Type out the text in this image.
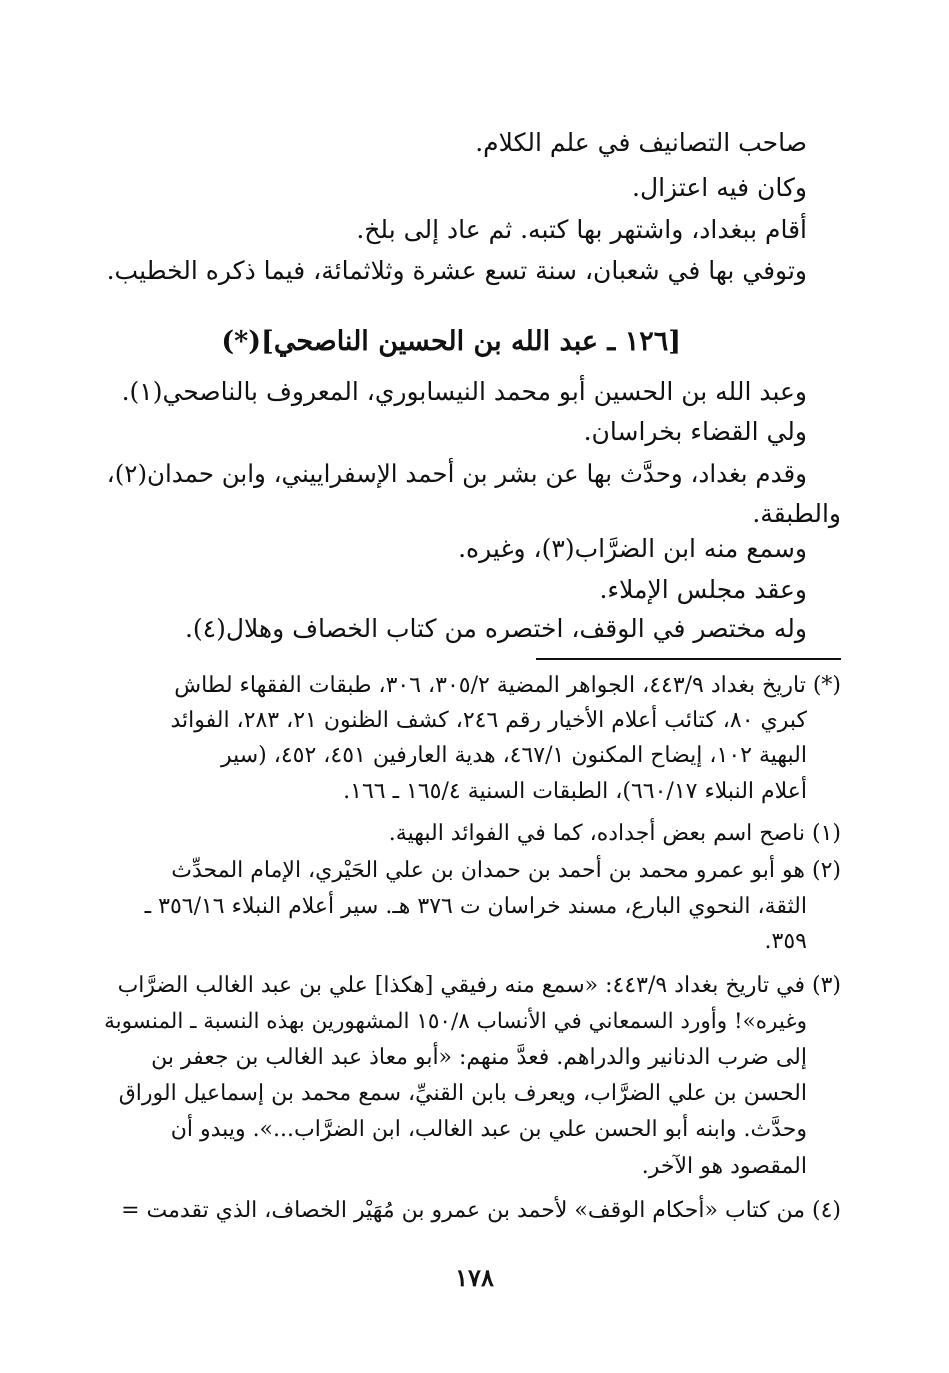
صاحب التصانيف في علم الكلام.
وكان فيه اعتزال.
أقام ببغداد، واشتهر بها كتبه. ثم عاد إلى بلخ.
وتوفي بها في شعبان، سنة تسع عشرة وثلاثمائة، فيما ذكره الخطيب.
[١٢٦ ـ عبد الله بن الحسين الناصحي](*)
وعبد الله بن الحسين أبو محمد النيسابوري، المعروف بالناصحي(١).
ولي القضاء بخراسان.
وقدم بغداد، وحدَّث بها عن بشر بن أحمد الإسفراييني، وابن حمدان(٢)،
والطبقة.
وسمع منه ابن الضرَّاب(٣)، وغيره.
وعقد مجلس الإملاء.
وله مختصر في الوقف، اختصره من كتاب الخصاف وهلال(٤).
(*) تاريخ بغداد ٤٤٣/٩، الجواهر المضية ٣٠٥/٢، ٣٠٦، طبقات الفقهاء لطاش
كبري ٨٠، كتائب أعلام الأخيار رقم ٢٤٦، كشف الظنون ٢١، ٢٨٣، الفوائد
البهية ١٠٢، إيضاح المكنون ٤٦٧/١، هدية العارفين ٤٥١، ٤٥٢، (سير
أعلام النبلاء ٦٦٠/١٧)، الطبقات السنية ١٦٥/٤ ـ ١٦٦.
(١) ناصح اسم بعض أجداده، كما في الفوائد البهية.
(٢) هو أبو عمرو محمد بن أحمد بن حمدان بن علي الحَيْري، الإمام المحدِّث
الثقة، النحوي البارع، مسند خراسان ت ٣٧٦ هـ. سير أعلام النبلاء ٣٥٦/١٦ ـ
٣٥٩.
(٣) في تاريخ بغداد ٤٤٣/٩: «سمع منه رفيقي [هكذا] علي بن عبد الغالب الضرَّاب
وغيره»! وأورد السمعاني في الأنساب ١٥٠/٨ المشهورين بهذه النسبة ـ المنسوبة
إلى ضرب الدنانير والدراهم. فعدَّ منهم: «أبو معاذ عبد الغالب بن جعفر بن
الحسن بن علي الضرَّاب، ويعرف بابن القنيِّ، سمع محمد بن إسماعيل الوراق
وحدَّث. وابنه أبو الحسن علي بن عبد الغالب، ابن الضرَّاب...». ويبدو أن
المقصود هو الآخر.
(٤) من كتاب «أحكام الوقف» لأحمد بن عمرو بن مُهَيْر الخصاف، الذي تقدمت =
١٧٨
